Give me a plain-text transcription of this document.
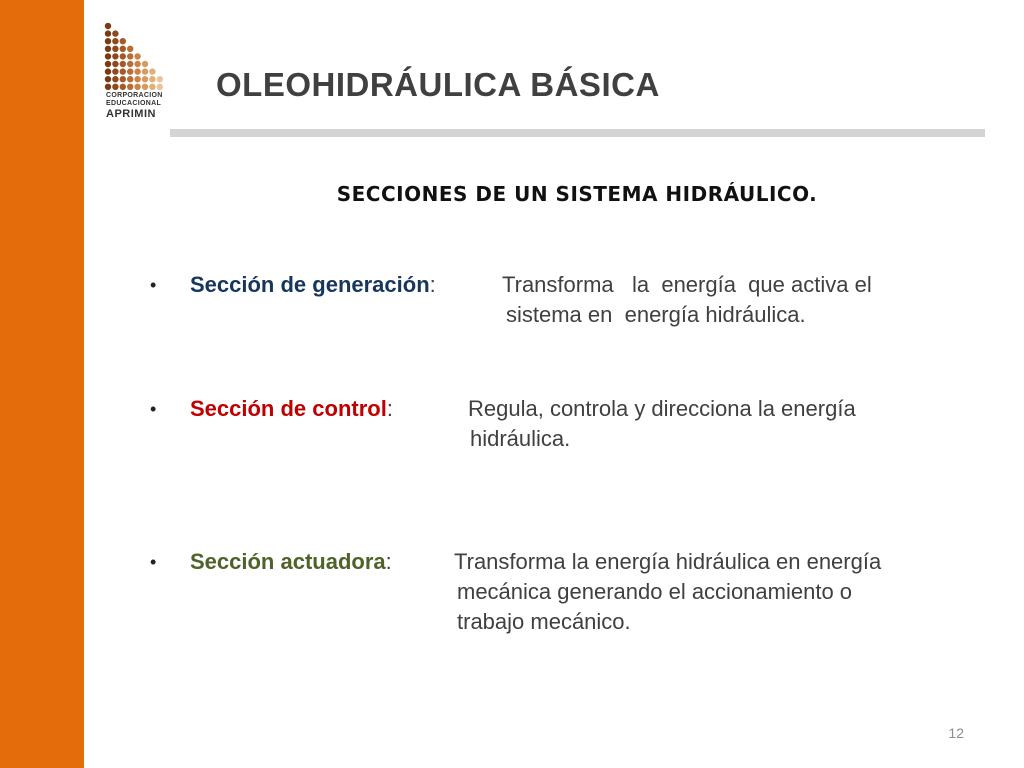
CORPORACION
EDUCACIONAL
APRIMIN
OLEOHIDRÁULICA BÁSICA
SECCIONES DE UN SISTEMA HIDRÁULICO.
• Sección de generación:	Transforma   la  energía  que activa el
sistema en  energía hidráulica.
• Sección de control:	Regula, controla y direcciona la energía
hidráulica.
• Sección actuadora:	Transforma la energía hidráulica en energía
mecánica generando el accionamiento o
trabajo mecánico.
12
